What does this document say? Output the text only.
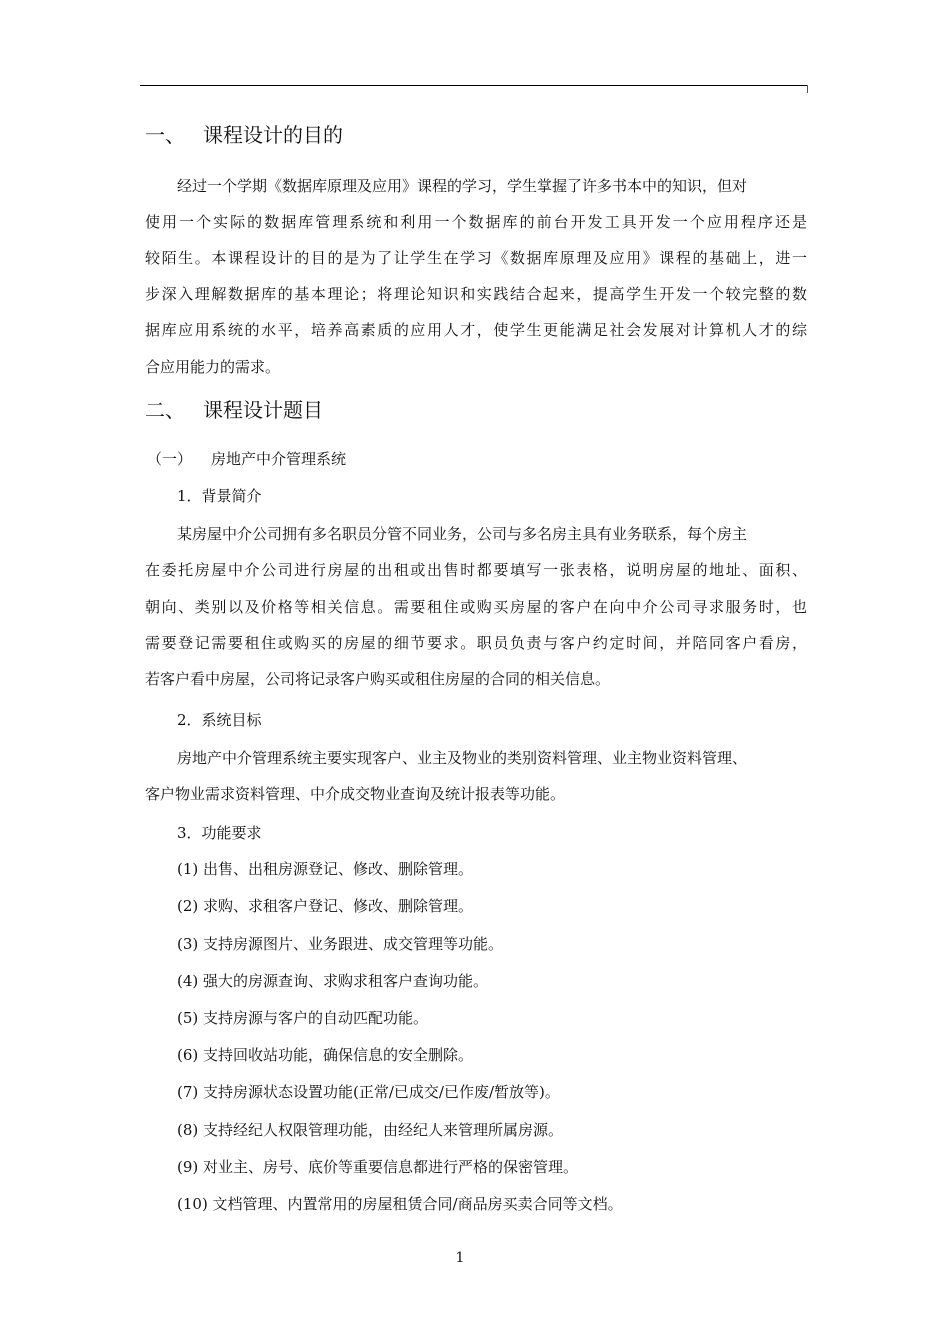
一、 课程设计的目的
经过一个学期《数据库原理及应用》课程的学习，学生掌握了许多书本中的知识，但对
使用一个实际的数据库管理系统和利用一个数据库的前台开发工具开发一个应用程序还是
较陌生。本课程设计的目的是为了让学生在学习《数据库原理及应用》课程的基础上，进一
步深入理解数据库的基本理论；将理论知识和实践结合起来，提高学生开发一个较完整的数
据库应用系统的水平，培养高素质的应用人才，使学生更能满足社会发展对计算机人才的综
合应用能力的需求。
二、 课程设计题目
（一） 房地产中介管理系统
1．背景简介
某房屋中介公司拥有多名职员分管不同业务，公司与多名房主具有业务联系，每个房主
在委托房屋中介公司进行房屋的出租或出售时都要填写一张表格，说明房屋的地址、面积、
朝向、类别以及价格等相关信息。需要租住或购买房屋的客户在向中介公司寻求服务时，也
需要登记需要租住或购买的房屋的细节要求。职员负责与客户约定时间，并陪同客户看房，
若客户看中房屋，公司将记录客户购买或租住房屋的合同的相关信息。
2．系统目标
房地产中介管理系统主要实现客户、业主及物业的类别资料管理、业主物业资料管理、
客户物业需求资料管理、中介成交物业查询及统计报表等功能。
3．功能要求
(1) 出售、出租房源登记、修改、删除管理。
(2) 求购、求租客户登记、修改、删除管理。
(3) 支持房源图片、业务跟进、成交管理等功能。
(4) 强大的房源查询、求购求租客户查询功能。
(5) 支持房源与客户的自动匹配功能。
(6) 支持回收站功能，确保信息的安全删除。
(7) 支持房源状态设置功能(正常/已成交/已作废/暂放等)。
(8) 支持经纪人权限管理功能，由经纪人来管理所属房源。
(9) 对业主、房号、底价等重要信息都进行严格的保密管理。
(10) 文档管理、内置常用的房屋租赁合同/商品房买卖合同等文档。
1
